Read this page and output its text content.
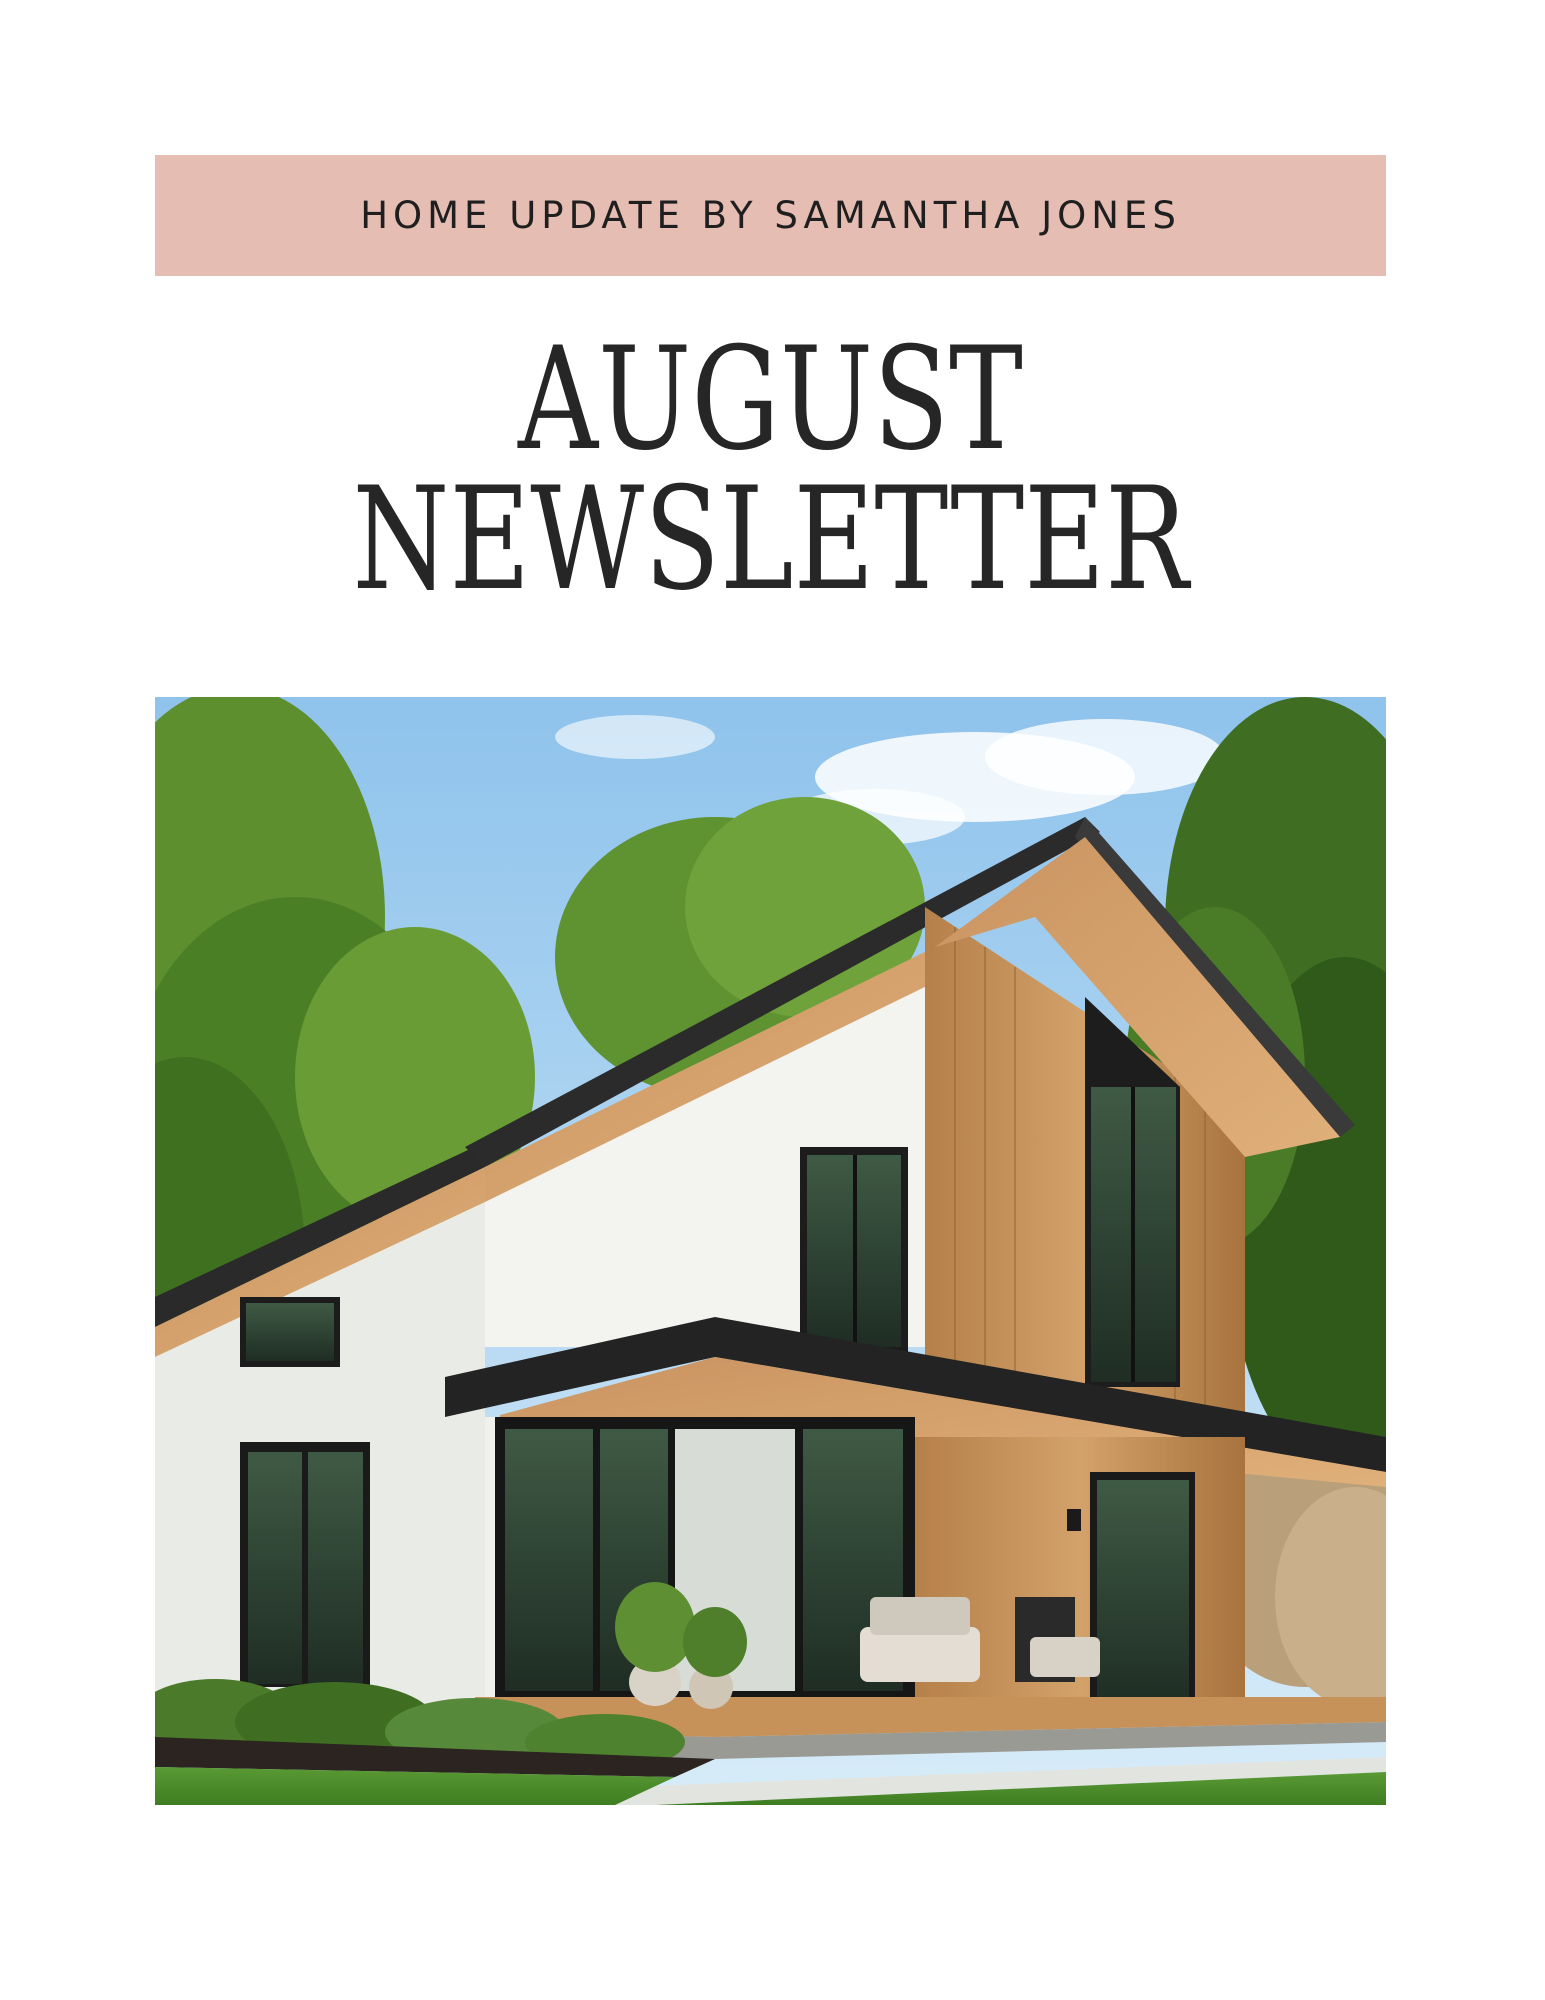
HOME UPDATE BY SAMANTHA JONES
AUGUST
NEWSLETTER
